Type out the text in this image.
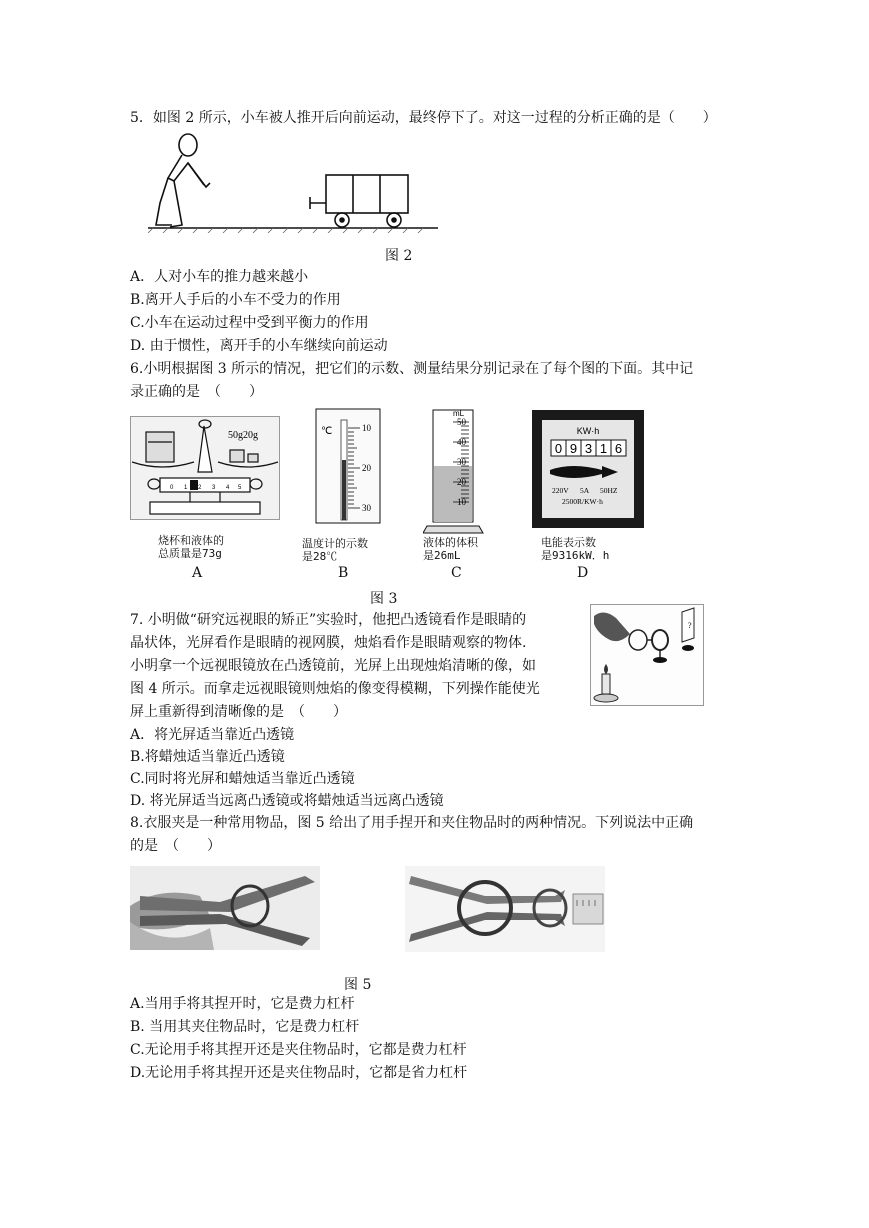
5．如图 2 所示，小车被人推开后向前运动，最终停下了。对这一过程的分析正确的是（　　）
图 2
A．人对小车的推力越来越小
B.离开人手后的小车不受力的作用
C.小车在运动过程中受到平衡力的作用
D. 由于惯性，离开手的小车继续向前运动
6.小明根据图 3 所示的情况，把它们的示数、测量结果分别记录在了每个图的下面。其中记
录正确的是　（　　）
50g20g
0 1 2 3 4 5
℃	10
20
30
mL
50
40
30
20
10
KW·h
0 9 3 1 6
220V 5A 50HZ
2500R/KW·h
烧杯和液体的
总质量是73g
温度计的示数
是28℃
液体的体积
是26mL
电能表示数
是9316kW．h
A	B	C	D
图 3
7. 小明做“研究远视眼的矫正”实验时，他把凸透镜看作是眼睛的
晶状体，光屏看作是眼睛的视网膜，烛焰看作是眼睛观察的物体.
小明拿一个远视眼镜放在凸透镜前，光屏上出现烛焰清晰的像，如
图 4 所示。而拿走远视眼镜则烛焰的像变得模糊，下列操作能使光
屏上重新得到清晰像的是　（　　）
?
A．将光屏适当靠近凸透镜
B.将蜡烛适当靠近凸透镜
C.同时将光屏和蜡烛适当靠近凸透镜
D. 将光屏适当远离凸透镜或将蜡烛适当远离凸透镜
8.衣服夹是一种常用物品，图 5 给出了用手捏开和夹住物品时的两种情况。下列说法中正确
的是　（　　）
图 5
A.当用手将其捏开时，它是费力杠杆
B. 当用其夹住物品时，它是费力杠杆
C.无论用手将其捏开还是夹住物品时，它都是费力杠杆
D.无论用手将其捏开还是夹住物品时，它都是省力杠杆
